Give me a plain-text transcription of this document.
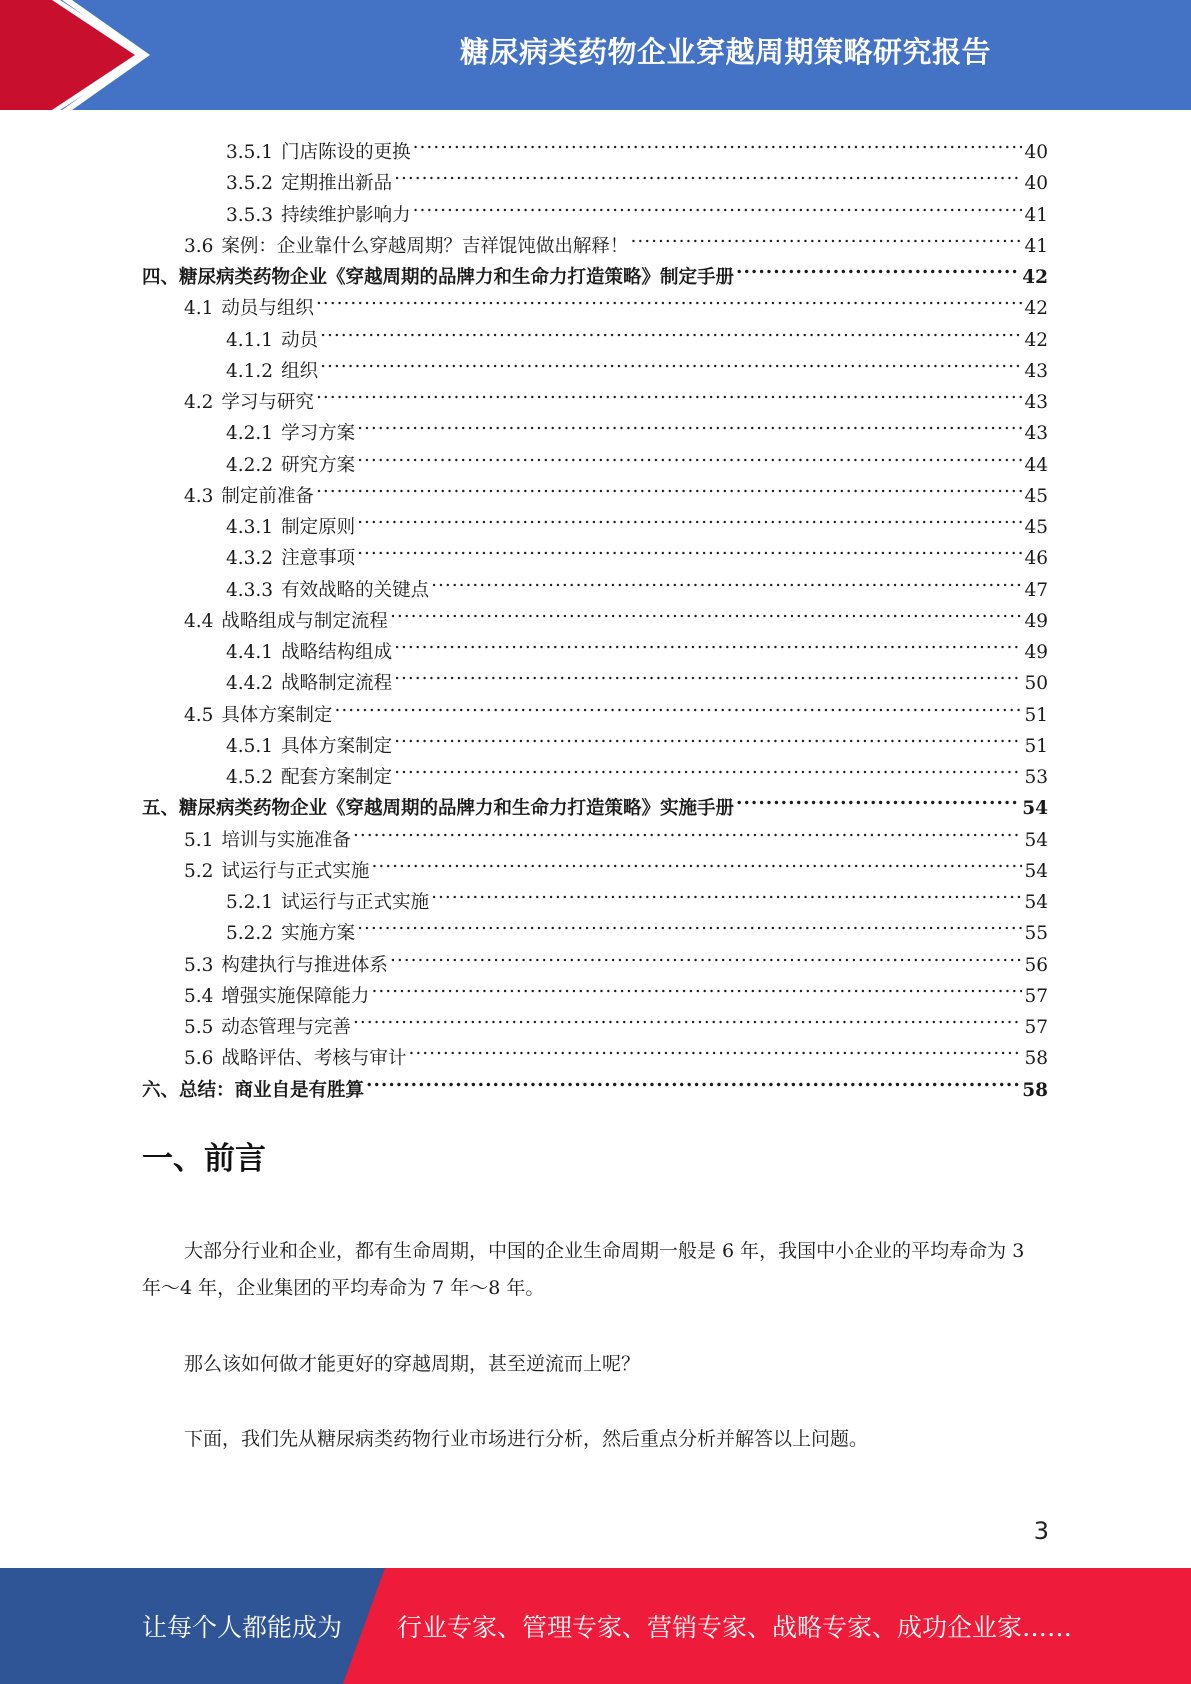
糖尿病类药物企业穿越周期策略研究报告
3.5.1 门店陈设的更换 .....	40
3.5.2 定期推出新品 .....	40
3.5.3 持续维护影响力 .....	41
3.6 案例：企业靠什么穿越周期？吉祥馄饨做出解释！ .....	41
四、糖尿病类药物企业《穿越周期的品牌力和生命力打造策略》制定手册 .....	42
4.1 动员与组织 .....	42
4.1.1 动员 .....	42
4.1.2 组织 .....	43
4.2 学习与研究 .....	43
4.2.1 学习方案 .....	43
4.2.2 研究方案 .....	44
4.3 制定前准备 .....	45
4.3.1 制定原则 .....	45
4.3.2 注意事项 .....	46
4.3.3 有效战略的关键点 .....	47
4.4 战略组成与制定流程 .....	49
4.4.1 战略结构组成 .....	49
4.4.2 战略制定流程 .....	50
4.5 具体方案制定 .....	51
4.5.1 具体方案制定 .....	51
4.5.2 配套方案制定 .....	53
五、糖尿病类药物企业《穿越周期的品牌力和生命力打造策略》实施手册 .....	54
5.1 培训与实施准备 .....	54
5.2 试运行与正式实施 .....	54
5.2.1 试运行与正式实施 .....	54
5.2.2 实施方案 .....	55
5.3 构建执行与推进体系 .....	56
5.4 增强实施保障能力 .....	57
5.5 动态管理与完善 .....	57
5.6 战略评估、考核与审计 .....	58
六、总结：商业自是有胜算 .....	58
一、前言
大部分行业和企业，都有生命周期，中国的企业生命周期一般是 6 年，我国中小企业的平均寿命为 3 年～4 年，企业集团的平均寿命为 7 年～8 年。
那么该如何做才能更好的穿越周期，甚至逆流而上呢？
下面，我们先从糖尿病类药物行业市场进行分析，然后重点分析并解答以上问题。
3
让每个人都能成为 行业专家、管理专家、营销专家、战略专家、成功企业家……
